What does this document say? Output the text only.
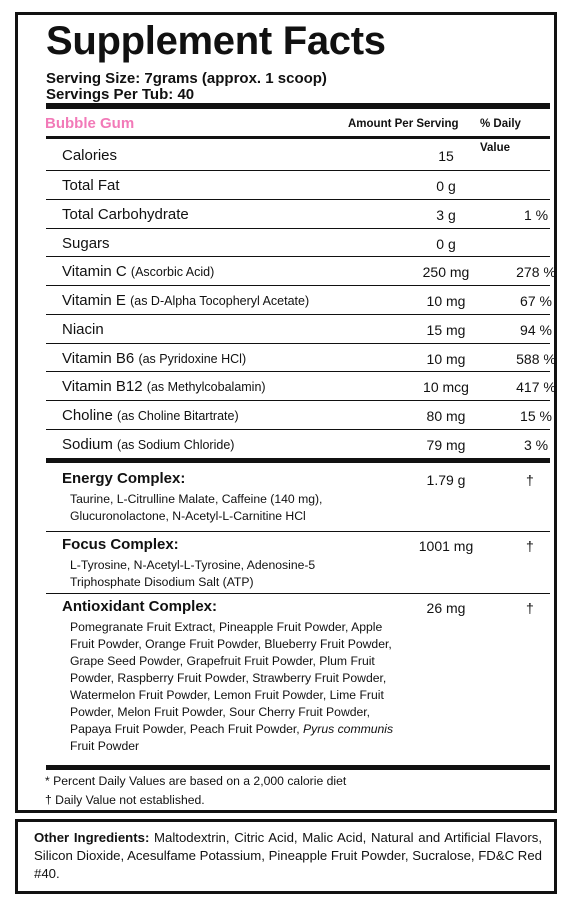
Supplement Facts
Serving Size: 7grams (approx. 1 scoop)
Servings Per Tub: 40
Bubble Gum	Amount Per Serving % Daily Value
Calories	15
Total Fat	0 g
Total Carbohydrate	3 g	1 %
Sugars	0 g
Vitamin C (Ascorbic Acid)	250 mg	278 %
Vitamin E (as D-Alpha Tocopheryl Acetate)	10 mg	67 %
Niacin	15 mg	94 %
Vitamin B6 (as Pyridoxine HCl)	10 mg	588 %
Vitamin B12 (as Methylcobalamin)	10 mcg	417 %
Choline (as Choline Bitartrate)	80 mg	15 %
Sodium (as Sodium Chloride)	79 mg	3 %
Energy Complex:	1.79 g	†
Taurine, L-Citrulline Malate, Caffeine (140 mg),
Glucuronolactone, N-Acetyl-L-Carnitine HCl
Focus Complex:	1001 mg	†
L-Tyrosine, N-Acetyl-L-Tyrosine, Adenosine-5
Triphosphate Disodium Salt (ATP)
Antioxidant Complex:	26 mg	†
Pomegranate Fruit Extract, Pineapple Fruit Powder, Apple
Fruit Powder, Orange Fruit Powder, Blueberry Fruit Powder,
Grape Seed Powder, Grapefruit Fruit Powder, Plum Fruit
Powder, Raspberry Fruit Powder, Strawberry Fruit Powder,
Watermelon Fruit Powder, Lemon Fruit Powder, Lime Fruit
Powder, Melon Fruit Powder, Sour Cherry Fruit Powder,
Papaya Fruit Powder, Peach Fruit Powder, Pyrus communis
Fruit Powder
* Percent Daily Values are based on a 2,000 calorie diet
† Daily Value not established.
Other Ingredients: Maltodextrin, Citric Acid, Malic Acid, Natural and Artificial Flavors, Silicon Dioxide, Acesulfame Potassium, Pineapple Fruit Powder, Sucralose, FD&C Red #40.
